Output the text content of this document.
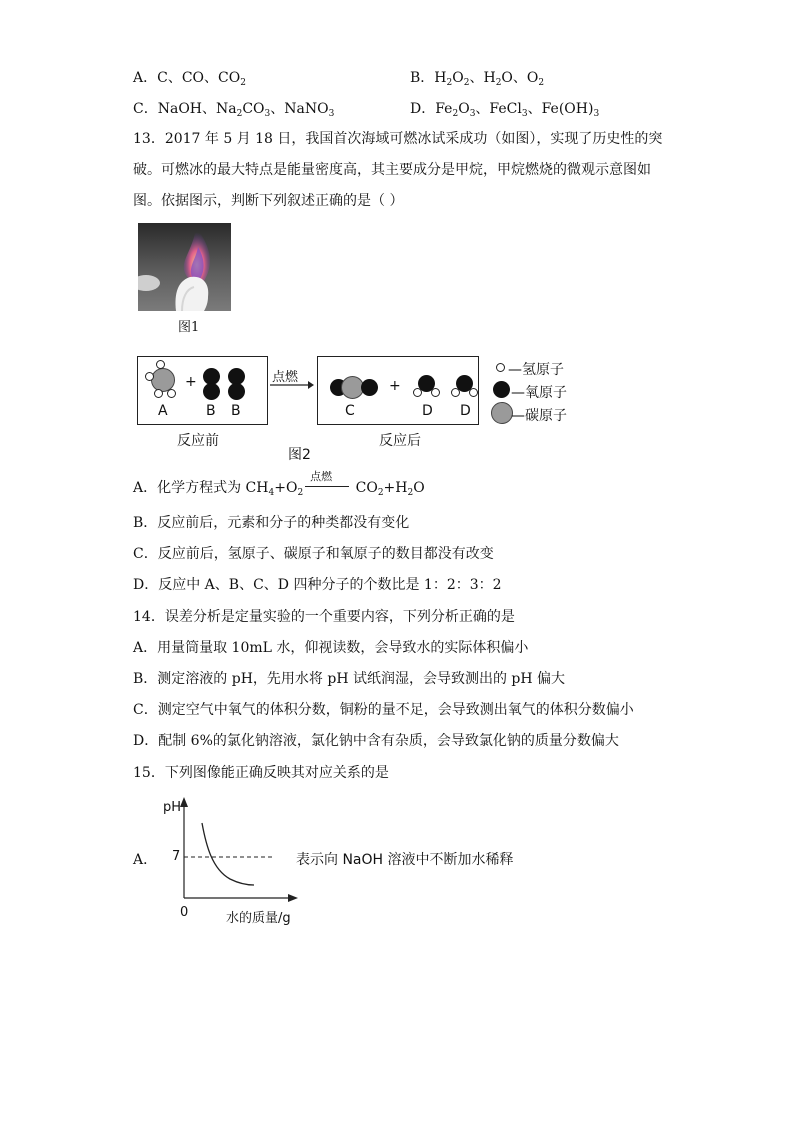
A．C、CO、$CO_2$	B．$H_2O_2$、$H_2O$、$O_2$
C．NaOH、$Na_2CO_3$、NaNO$_3$	D．$Fe_2O_3$、FeCl$_3$、$Fe(OH)_3$
13．2017 年 5 月 18 日，我国首次海域可燃冰试采成功（如图），实现了历史性的突
破。可燃冰的最大特点是能量密度高，其主要成分是甲烷，甲烷燃烧的微观示意图如
图。依据图示，判断下列叙述正确的是（ ）
图1
+
A	B B
点燃
+
C	D D
—氢原子
—氧原子
—碳原子
反应前	反应后
图2
A．化学方程式为 $CH_4+O_2$
点燃
$CO_2+H_2O$
B．反应前后，元素和分子的种类都没有变化
C．反应前后，氢原子、碳原子和氧原子的数目都没有改变
D．反应中 A、B、C、D 四种分子的个数比是 1：2：3：2
14．误差分析是定量实验的一个重要内容，下列分析正确的是
A．用量筒量取 10mL 水，仰视读数，会导致水的实际体积偏小
B．测定溶液的 pH，先用水将 pH 试纸润湿，会导致测出的 pH 偏大
C．测定空气中氧气的体积分数，铜粉的量不足，会导致测出氧气的体积分数偏小
D．配制 6%的氯化钠溶液，氯化钠中含有杂质，会导致氯化钠的质量分数偏大
15．下列图像能正确反映其对应关系的是
A．
pH
7
0	水的质量/g
表示向 NaOH 溶液中不断加水稀释
